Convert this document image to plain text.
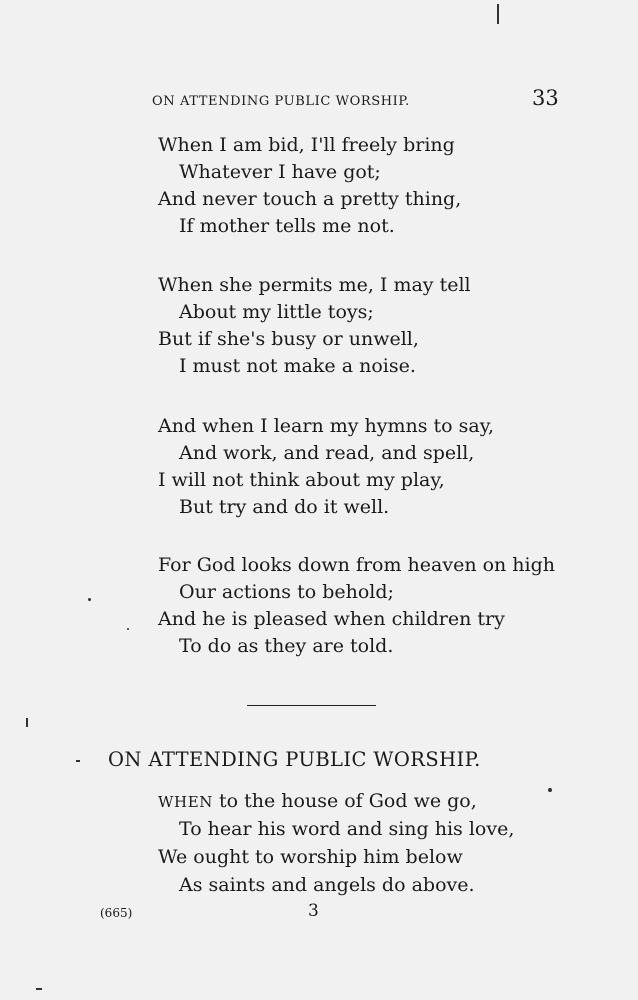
ON ATTENDING PUBLIC WORSHIP.	33
When I am bid, I'll freely bring
Whatever I have got;
And never touch a pretty thing,
If mother tells me not.
When she permits me, I may tell
About my little toys;
But if she's busy or unwell,
I must not make a noise.
And when I learn my hymns to say,
And work, and read, and spell,
I will not think about my play,
But try and do it well.
For God looks down from heaven on high
Our actions to behold;
And he is pleased when children try
To do as they are told.
ON ATTENDING PUBLIC WORSHIP.
WHEN to the house of God we go,
To hear his word and sing his love,
We ought to worship him below
As saints and angels do above.
(665)	3
